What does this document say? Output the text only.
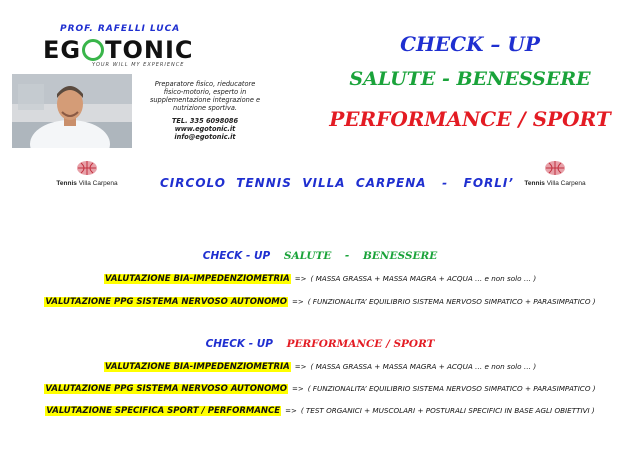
PROF. RAFELLI LUCA
EG TONIC
YOUR WILL MY EXPERIENCE
Preparatore fisico, rieducatore
fisico-motorio, esperto in
supplementazione integrazione e
nutrizione sportiva.
TEL. 335 6098086
www.egotonic.it
info@egotonic.it
CHECK – UP
SALUTE - BENESSERE
PERFORMANCE / SPORT
Tennis Villa Carpena	CIRCOLO  TENNIS  VILLA  CARPENA   -   FORLI’	Tennis Villa Carpena
CHECK - UP SALUTE - BENESSERE
VALUTAZIONE BIA-IMPEDENZIOMETRIA => ( MASSA GRASSA + MASSA MAGRA + ACQUA … e non solo … )
VALUTAZIONE PPG SISTEMA NERVOSO AUTONOMO => ( FUNZIONALITA’ EQUILIBRIO SISTEMA NERVOSO SIMPATICO + PARASIMPATICO )
CHECK - UP PERFORMANCE / SPORT
VALUTAZIONE BIA-IMPEDENZIOMETRIA => ( MASSA GRASSA + MASSA MAGRA + ACQUA … e non solo … )
VALUTAZIONE PPG SISTEMA NERVOSO AUTONOMO => ( FUNZIONALITA’ EQUILIBRIO SISTEMA NERVOSO SIMPATICO + PARASIMPATICO )
VALUTAZIONE SPECIFICA SPORT / PERFORMANCE => ( TEST ORGANICI + MUSCOLARI + POSTURALI SPECIFICI IN BASE AGLI OBIETTIVI )
